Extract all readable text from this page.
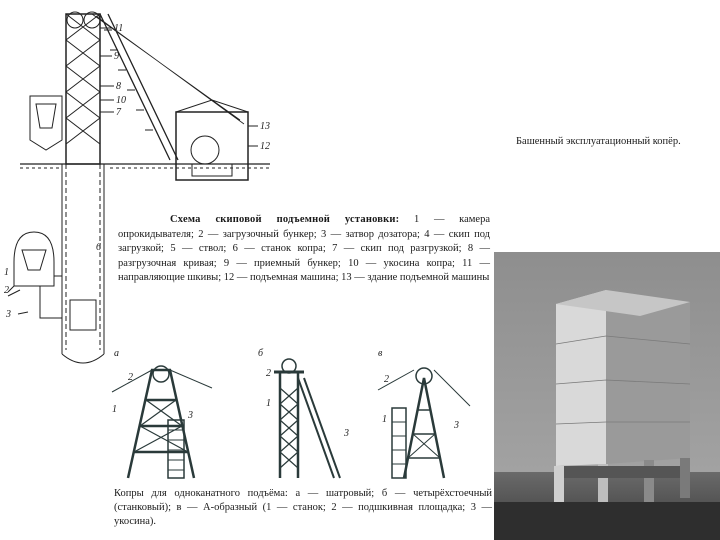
11
9
8
10
7
13
12
6
1
2
3
Схема скиповой подъемной установки: 1 — камера опрокидывателя; 2 — загрузочный бункер; 3 — затвор дозатора; 4 — скип под загрузкой; 5 — ствол; 6 — станок копра; 7 — скип под разгрузкой; 8 — разгрузочная кривая; 9 — приемный бункер; 10 — укосина копра; 11 — направляющие шкивы; 12 — подъемная машина; 13 — здание подъемной машины
а	б	в
2
1
3
2
3
1
2
3
1
Копры для одноканатного подъёма: а — шатровый; б — четырёхстоечный (станковый); в — А-образный (1 — станок; 2 — подшкивная площадка; 3 — укосина).
Башенный эксплуатационный копёр.
